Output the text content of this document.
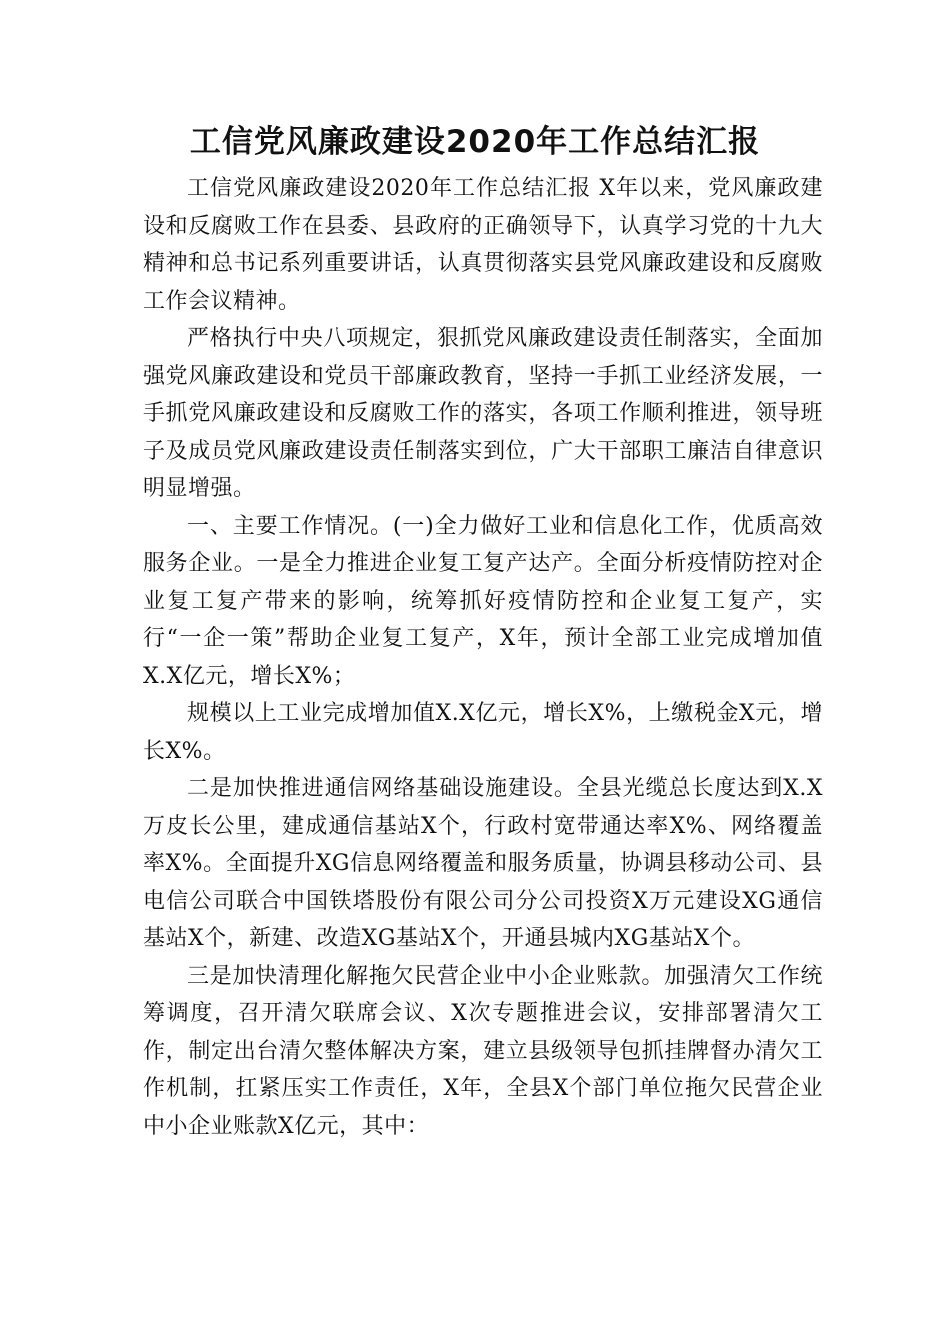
工信党风廉政建设2020年工作总结汇报

工信党风廉政建设2020年工作总结汇报 X年以来，党风廉政建设和反腐败工作在县委、县政府的正确领导下，认真学习党的十九大精神和总书记系列重要讲话，认真贯彻落实县党风廉政建设和反腐败工作会议精神。

严格执行中央八项规定，狠抓党风廉政建设责任制落实，全面加强党风廉政建设和党员干部廉政教育，坚持一手抓工业经济发展，一手抓党风廉政建设和反腐败工作的落实，各项工作顺利推进，领导班子及成员党风廉政建设责任制落实到位，广大干部职工廉洁自律意识明显增强。

一、主要工作情况。(一)全力做好工业和信息化工作，优质高效服务企业。一是全力推进企业复工复产达产。全面分析疫情防控对企业复工复产带来的影响，统筹抓好疫情防控和企业复工复产，实行“一企一策”帮助企业复工复产，X年，预计全部工业完成增加值X.X亿元，增长X%；

规模以上工业完成增加值X.X亿元，增长X%，上缴税金X元，增长X%。

二是加快推进通信网络基础设施建设。全县光缆总长度达到X.X万皮长公里，建成通信基站X个，行政村宽带通达率X%、网络覆盖率X%。全面提升XG信息网络覆盖和服务质量，协调县移动公司、县电信公司联合中国铁塔股份有限公司分公司投资X万元建设XG通信基站X个，新建、改造XG基站X个，开通县城内XG基站X个。

三是加快清理化解拖欠民营企业中小企业账款。加强清欠工作统筹调度，召开清欠联席会议、X次专题推进会议，安排部署清欠工作，制定出台清欠整体解决方案，建立县级领导包抓挂牌督办清欠工作机制，扛紧压实工作责任，X年，全县X个部门单位拖欠民营企业中小企业账款X亿元，其中：
